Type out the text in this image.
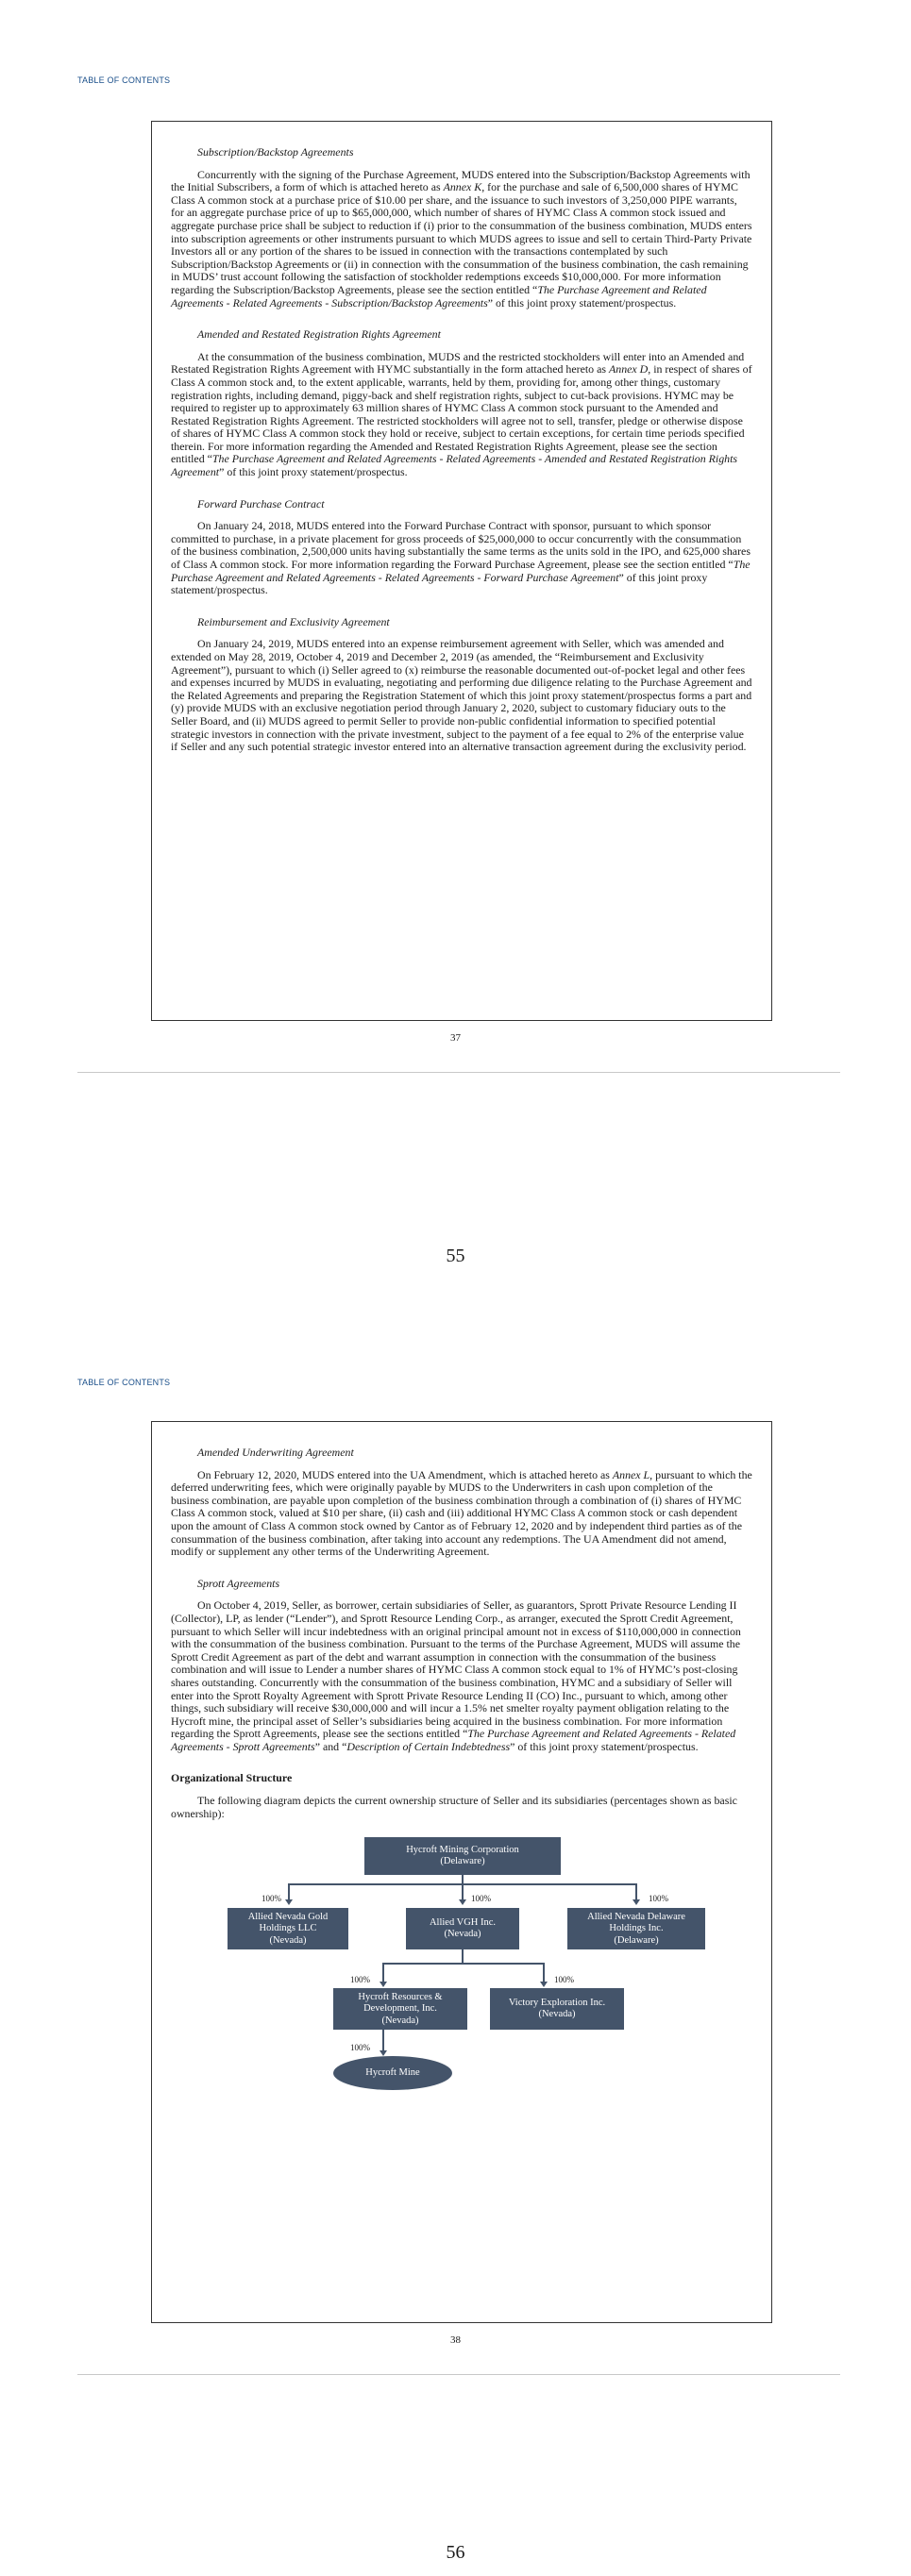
TABLE OF CONTENTS
Subscription/Backstop Agreements

Concurrently with the signing of the Purchase Agreement, MUDS entered into the Subscription/Backstop Agreements with the Initial Subscribers, a form of which is attached hereto as Annex K, for the purchase and sale of 6,500,000 shares of HYMC Class A common stock at a purchase price of $10.00 per share, and the issuance to such investors of 3,250,000 PIPE warrants, for an aggregate purchase price of up to $65,000,000, which number of shares of HYMC Class A common stock issued and aggregate purchase price shall be subject to reduction if (i) prior to the consummation of the business combination, MUDS enters into subscription agreements or other instruments pursuant to which MUDS agrees to issue and sell to certain Third-Party Private Investors all or any portion of the shares to be issued in connection with the transactions contemplated by such Subscription/Backstop Agreements or (ii) in connection with the consummation of the business combination, the cash remaining in MUDS’ trust account following the satisfaction of stockholder redemptions exceeds $10,000,000. For more information regarding the Subscription/Backstop Agreements, please see the section entitled “The Purchase Agreement and Related Agreements - Related Agreements - Subscription/Backstop Agreements” of this joint proxy statement/prospectus.

Amended and Restated Registration Rights Agreement

At the consummation of the business combination, MUDS and the restricted stockholders will enter into an Amended and Restated Registration Rights Agreement with HYMC substantially in the form attached hereto as Annex D, in respect of shares of Class A common stock and, to the extent applicable, warrants, held by them, providing for, among other things, customary registration rights, including demand, piggy-back and shelf registration rights, subject to cut-back provisions. HYMC may be required to register up to approximately 63 million shares of HYMC Class A common stock pursuant to the Amended and Restated Registration Rights Agreement. The restricted stockholders will agree not to sell, transfer, pledge or otherwise dispose of shares of HYMC Class A common stock they hold or receive, subject to certain exceptions, for certain time periods specified therein. For more information regarding the Amended and Restated Registration Rights Agreement, please see the section entitled “The Purchase Agreement and Related Agreements - Related Agreements - Amended and Restated Registration Rights Agreement” of this joint proxy statement/prospectus.

Forward Purchase Contract

On January 24, 2018, MUDS entered into the Forward Purchase Contract with sponsor, pursuant to which sponsor committed to purchase, in a private placement for gross proceeds of $25,000,000 to occur concurrently with the consummation of the business combination, 2,500,000 units having substantially the same terms as the units sold in the IPO, and 625,000 shares of Class A common stock. For more information regarding the Forward Purchase Agreement, please see the section entitled “The Purchase Agreement and Related Agreements - Related Agreements - Forward Purchase Agreement” of this joint proxy statement/prospectus.

Reimbursement and Exclusivity Agreement

On January 24, 2019, MUDS entered into an expense reimbursement agreement with Seller, which was amended and extended on May 28, 2019, October 4, 2019 and December 2, 2019 (as amended, the “Reimbursement and Exclusivity Agreement”), pursuant to which (i) Seller agreed to (x) reimburse the reasonable documented out-of-pocket legal and other fees and expenses incurred by MUDS in evaluating, negotiating and performing due diligence relating to the Purchase Agreement and the Related Agreements and preparing the Registration Statement of which this joint proxy statement/prospectus forms a part and (y) provide MUDS with an exclusive negotiation period through January 2, 2020, subject to customary fiduciary outs to the Seller Board, and (ii) MUDS agreed to permit Seller to provide non-public confidential information to specified potential strategic investors in connection with the private investment, subject to the payment of a fee equal to 2% of the enterprise value if Seller and any such potential strategic investor entered into an alternative transaction agreement during the exclusivity period.

37
55
TABLE OF CONTENTS
Amended Underwriting Agreement

On February 12, 2020, MUDS entered into the UA Amendment, which is attached hereto as Annex L, pursuant to which the deferred underwriting fees, which were originally payable by MUDS to the Underwriters in cash upon completion of the business combination, are payable upon completion of the business combination through a combination of (i) shares of HYMC Class A common stock, valued at $10 per share, (ii) cash and (iii) additional HYMC Class A common stock or cash dependent upon the amount of Class A common stock owned by Cantor as of February 12, 2020 and by independent third parties as of the consummation of the business combination, after taking into account any redemptions. The UA Amendment did not amend, modify or supplement any other terms of the Underwriting Agreement.

Sprott Agreements

On October 4, 2019, Seller, as borrower, certain subsidiaries of Seller, as guarantors, Sprott Private Resource Lending II (Collector), LP, as lender (“Lender”), and Sprott Resource Lending Corp., as arranger, executed the Sprott Credit Agreement, pursuant to which Seller will incur indebtedness with an original principal amount not in excess of $110,000,000 in connection with the consummation of the business combination. Pursuant to the terms of the Purchase Agreement, MUDS will assume the Sprott Credit Agreement as part of the debt and warrant assumption in connection with the consummation of the business combination and will issue to Lender a number shares of HYMC Class A common stock equal to 1% of HYMC’s post-closing shares outstanding. Concurrently with the consummation of the business combination, HYMC and a subsidiary of Seller will enter into the Sprott Royalty Agreement with Sprott Private Resource Lending II (CO) Inc., pursuant to which, among other things, such subsidiary will receive $30,000,000 and will incur a 1.5% net smelter royalty payment obligation relating to the Hycroft mine, the principal asset of Seller’s subsidiaries being acquired in the business combination. For more information regarding the Sprott Agreements, please see the sections entitled “The Purchase Agreement and Related Agreements - Related Agreements - Sprott Agreements” and “Description of Certain Indebtedness” of this joint proxy statement/prospectus.

Organizational Structure

The following diagram depicts the current ownership structure of Seller and its subsidiaries (percentages shown as basic ownership):

Hycroft Mining Corporation
(Delaware)
100%
Allied Nevada Gold
Holdings LLC
(Nevada)
100%
Allied VGH Inc.
(Nevada)
100%
Allied Nevada Delaware
Holdings Inc.
(Delaware)
100%
Hycroft Resources &
Development, Inc.
(Nevada)
100%
Victory Exploration Inc.
(Nevada)
100%
Hycroft Mine
38
56
